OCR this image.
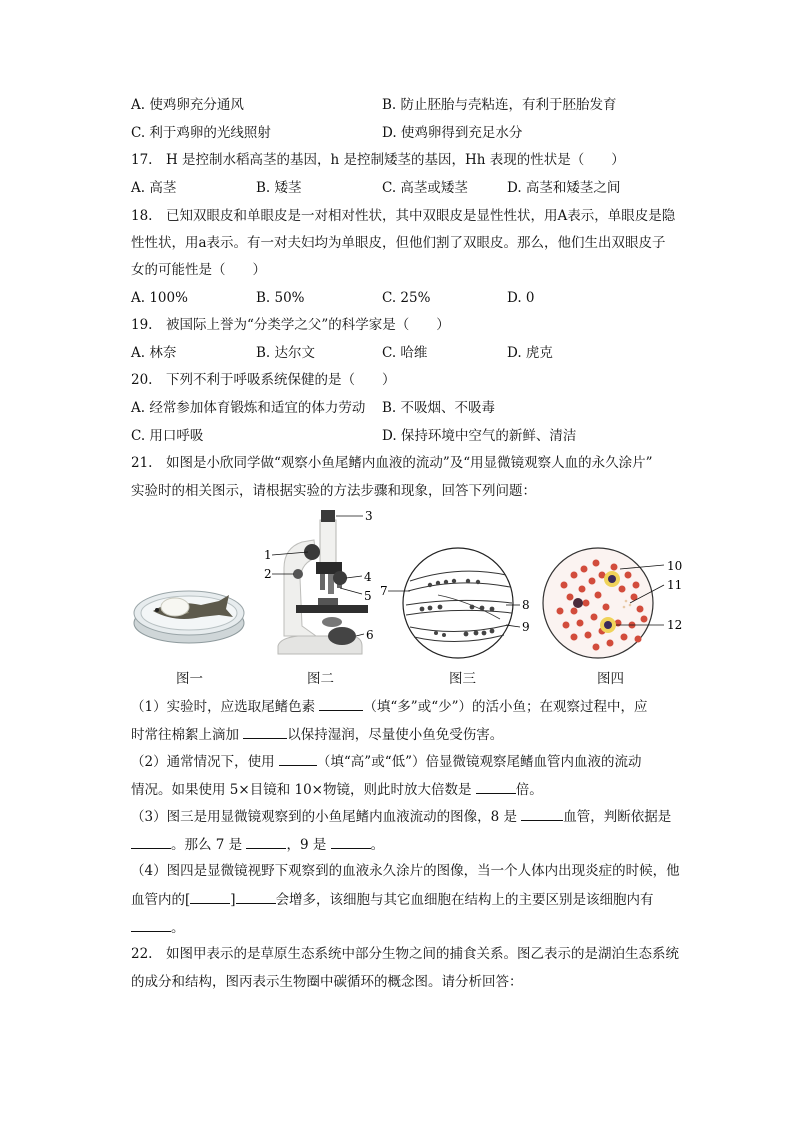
A. 使鸡卵充分通风	B. 防止胚胎与壳粘连，有利于胚胎发育
C. 利于鸡卵的光线照射	D. 使鸡卵得到充足水分
17.　H 是控制水稻高茎的基因，h 是控制矮茎的基因，Hh 表现的性状是（　　）
A. 高茎	B. 矮茎	C. 高茎或矮茎	D. 高茎和矮茎之间
18.　已知双眼皮和单眼皮是一对相对性状，其中双眼皮是显性性状，用A表示，单眼皮是隐
性性状，用a表示。有一对夫妇均为单眼皮，但他们割了双眼皮。那么，他们生出双眼皮子
女的可能性是（　　）
A. 100%	B. 50%	C. 25%	D. 0
19.　被国际上誉为“分类学之父”的科学家是（　　）
A. 林奈	B. 达尔文	C. 哈维	D. 虎克
20.　下列不利于呼吸系统保健的是（　　）
A. 经常参加体育锻炼和适宜的体力劳动 B. 不吸烟、不吸毒
C. 用口呼吸	D. 保持环境中空气的新鲜、清洁
21.　如图是小欣同学做“观察小鱼尾鳍内血液的流动”及“用显微镜观察人血的永久涂片”
实验时的相关图示，请根据实验的方法步骤和现象，回答下列问题：
1
2
3
4
5
6
7
8
9
10
11
12
图一	图二	图三	图四
（1）实验时，应选取尾鳍色素	（填“多”或“少”）的活小鱼；在观察过程中，应
时常往棉絮上滴加	以保持湿润，尽量使小鱼免受伤害。
（2）通常情况下，使用	（填“高”或“低”）倍显微镜观察尾鳍血管内血液的流动
情况。如果使用 5×目镜和 10×物镜，则此时放大倍数是	倍。
（3）图三是用显微镜观察到的小鱼尾鳍内血液流动的图像，8 是	血管，判断依据是
。那么 7 是	，9 是	。
（4）图四是显微镜视野下观察到的血液永久涂片的图像，当一个人体内出现炎症的时候，他
血管内的[	]	会增多，该细胞与其它血细胞在结构上的主要区别是该细胞内有
。
22.　如图甲表示的是草原生态系统中部分生物之间的捕食关系。图乙表示的是湖泊生态系统
的成分和结构，图丙表示生物圈中碳循环的概念图。请分析回答：
